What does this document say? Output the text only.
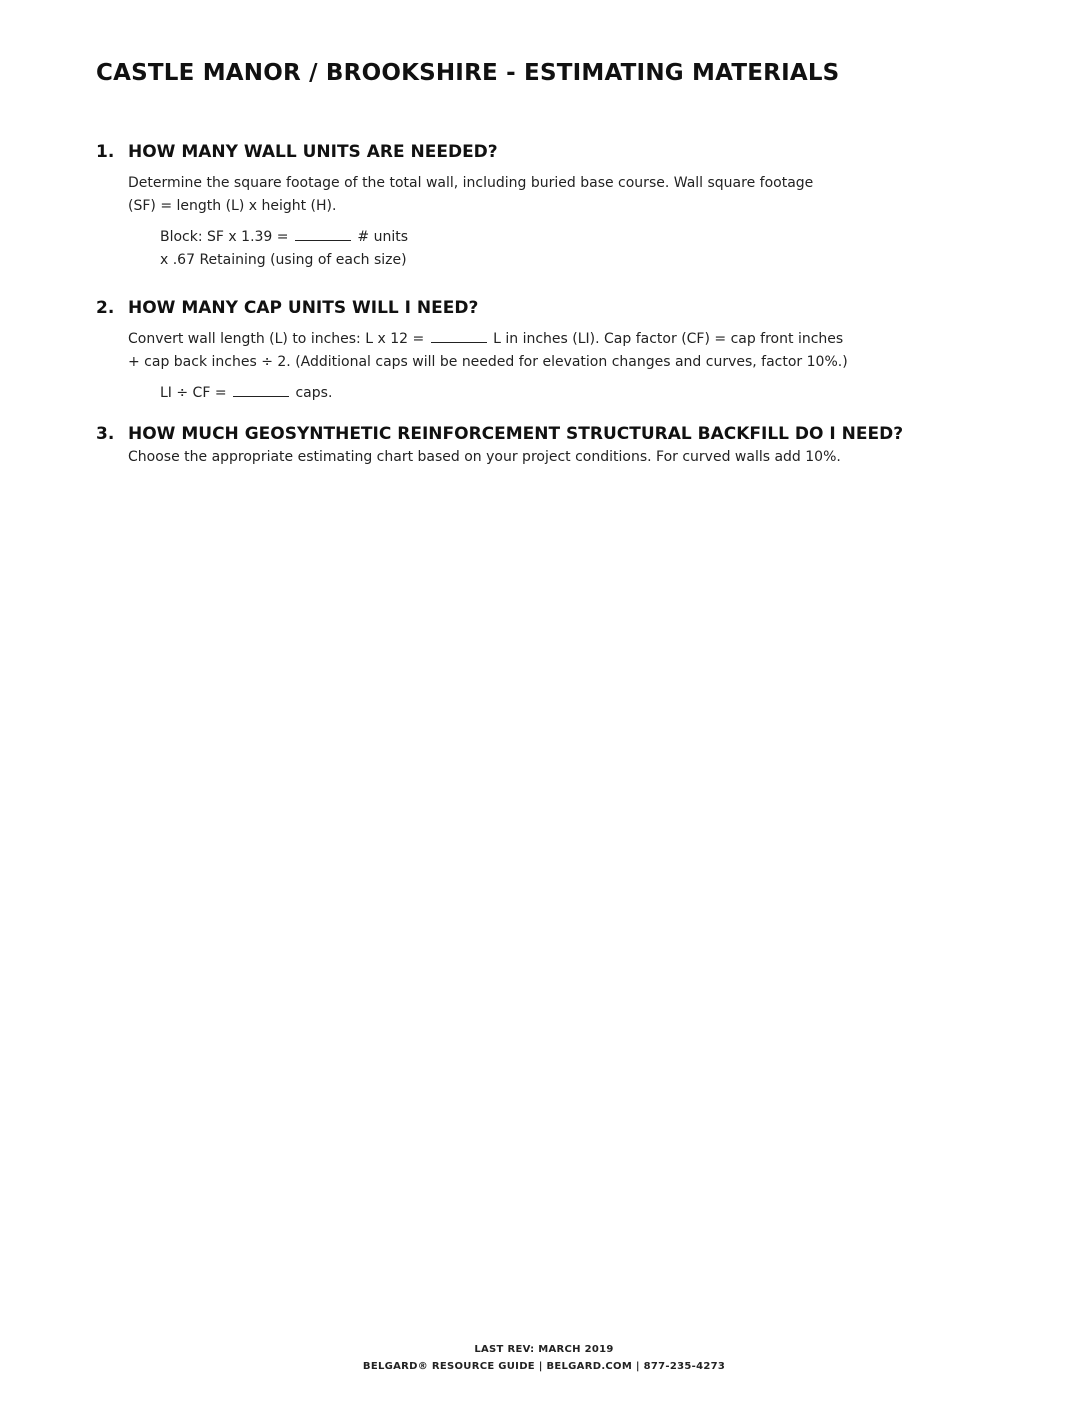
CASTLE MANOR / BROOKSHIRE - ESTIMATING MATERIALS
1. HOW MANY WALL UNITS ARE NEEDED?
Determine the square footage of the total wall, including buried base course. Wall square footage
(SF) = length (L) x height (H).
Block: SF x 1.39 =	# units
x .67 Retaining (using of each size)
2. HOW MANY CAP UNITS WILL I NEED?
Convert wall length (L) to inches: L x 12 =	L in inches (LI). Cap factor (CF) = cap front inches
+ cap back inches ÷ 2. (Additional caps will be needed for elevation changes and curves, factor 10%.)
LI ÷ CF =	caps.
3. HOW MUCH GEOSYNTHETIC REINFORCEMENT STRUCTURAL BACKFILL DO I NEED?
Choose the appropriate estimating chart based on your project conditions. For curved walls add 10%.
LAST REV: MARCH 2019
BELGARD® RESOURCE GUIDE | BELGARD.COM | 877-235-4273
